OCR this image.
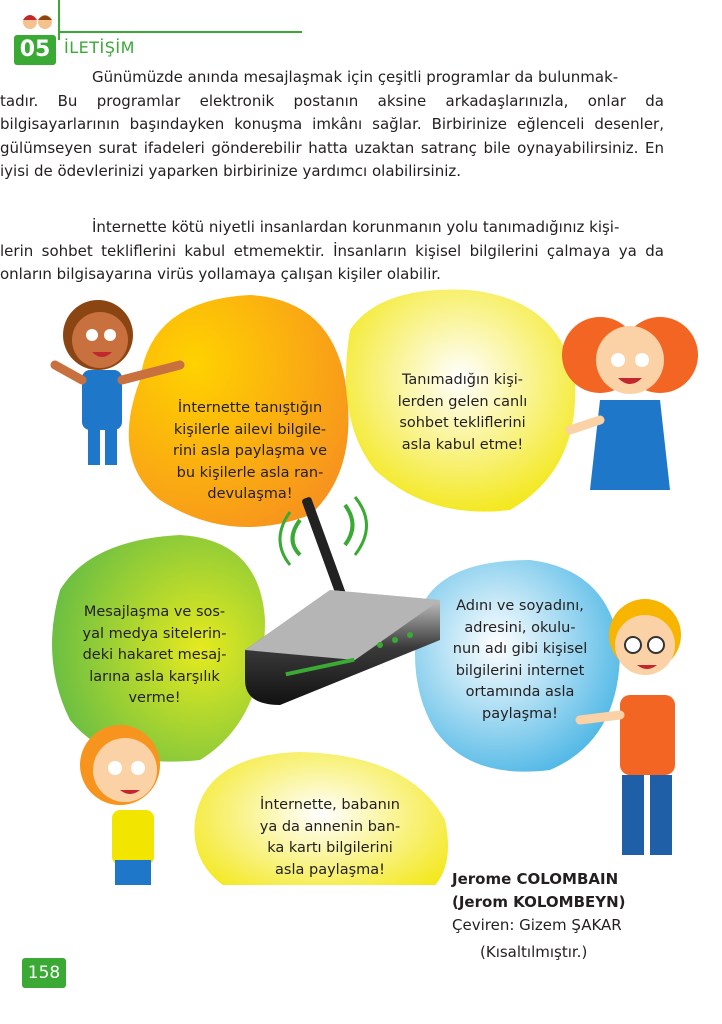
05 İLETİŞİM

Günümüzde anında mesajlaşmak için çeşitli programlar da bulunmak-
tadır. Bu programlar elektronik postanın aksine arkadaşlarınızla, onlar da bilgisayarlarının başındayken konuşma imkânı sağlar. Birbirinize eğlenceli desenler, gülümseyen surat ifadeleri gönderebilir hatta uzaktan satranç bile oynayabilirsiniz. En iyisi de ödevlerinizi yaparken birbirinize yardımcı olabilirsiniz.

İnternette kötü niyetli insanlardan korunmanın yolu tanımadığınız kişi-
lerin sohbet tekliflerini kabul etmemektir. İnsanların kişisel bilgilerini çalmaya ya da onların bilgisayarına virüs yollamaya çalışan kişiler olabilir.

İnternette tanıştığın
kişilerle ailevi bilgile-
rini asla paylaşma ve
bu kişilerle asla ran-
devulaşma!

Tanımadığın kişi-
lerden gelen canlı
sohbet tekliflerini
asla kabul etme!

Mesajlaşma ve sos-
yal medya sitelerin-
deki hakaret mesaj-
larına asla karşılık
verme!

Adını ve soyadını,
adresini, okulu-
nun adı gibi kişisel
bilgilerini internet
ortamında asla
paylaşma!

İnternette, babanın
ya da annenin ban-
ka kartı bilgilerini
asla paylaşma!

Jerome COLOMBAIN
(Jerom KOLOMBEYN)
Çeviren: Gizem ŞAKAR
(Kısaltılmıştır.)
158
